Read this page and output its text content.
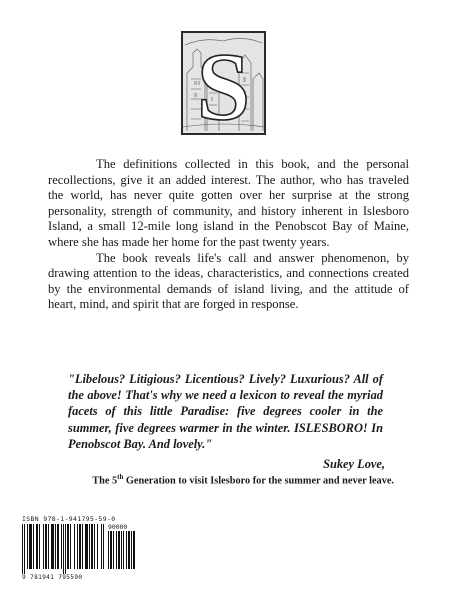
S

The definitions collected in this book, and the personal recollections, give it an added interest. The author, who has traveled the world, has never quite gotten over her surprise at the strong personality, strength of community, and history inherent in Islesboro Island, a small 12-mile long island in the Penobscot Bay of Maine, where she has made her home for the past twenty years.

The book reveals life's call and answer phenomenon, by drawing attention to the ideas, characteristics, and connections created by the environmental demands of island living, and the attitude of heart, mind, and spirit that are forged in response.

"Libelous? Litigious? Licentious? Lively? Luxurious? All of the above! That's why we need a lexicon to reveal the myriad facets of this little Paradise: five degrees cooler in the summer, five degrees warmer in the winter. ISLESBORO! In Penobscot Bay. And lovely."
Sukey Love,
The 5th Generation to visit Islesboro for the summer and never leave.
ISBN 978-1-941795-59-0
90000
9 781941 795590
